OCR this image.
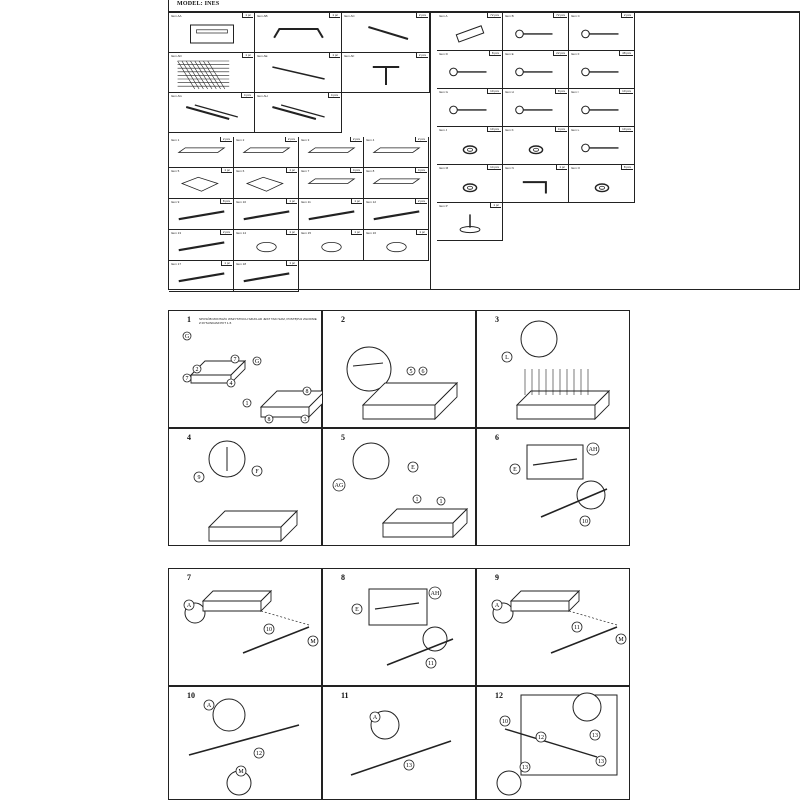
MODEL: INES
Item AA	1 pc	Item AB	1 pc	Item AC	2 pcs
Item AD	1 pc	Item AE	1 pc	Item AF	2 pcs
Item AG	4 pcs	Item AH	4 pcs
Item 1	2 pcs	Item 2	2 pcs	Item 3	2 pcs	Item 4	2 pcs
Item 5	1 pc	Item 6	1 pc	Item 7	4 pcs	Item 8	4 pcs
Item 9	8 pcs	Item 10	1 pc	Item 11	1 pc	Item 12	2 pcs
Item 13	2 pcs	Item 14	1 pc	Item 15	1 pc	Item 16	1 pc
Item 17	1 pc	Item 18	1 pc
Item A	72 pcs	Item B	72 pcs	Item C	2 pcs
Item D	8 pcs	Item E	22 pcs	Item F	48 pcs
Item G	10 pcs	Item H	8 pcs	Item I	10 pcs
Item J	10 pcs	Item K	4 pcs	Item L	10 pcs
Item M	14 pcs	Item N	1 pc	Item O	8 pcs
Item P	1 pc
G
G
2
7
1
8
8
3
7
4
1	SPOSÓB MONTAŻU WSZYSTKICH SZUFLAD JEST TAKI SAM, POSTĘPUJ ZGODNIE Z RYSUNKAMI PKT 1-5
5 6
2
L
3
9
F
4
E
AG
1
1
5
E
AH
10
6
A
10
M
7
E
AH
11
8
A
11
M
9
A
12
M
10
A
13
11
10
12	13
13
13
12
